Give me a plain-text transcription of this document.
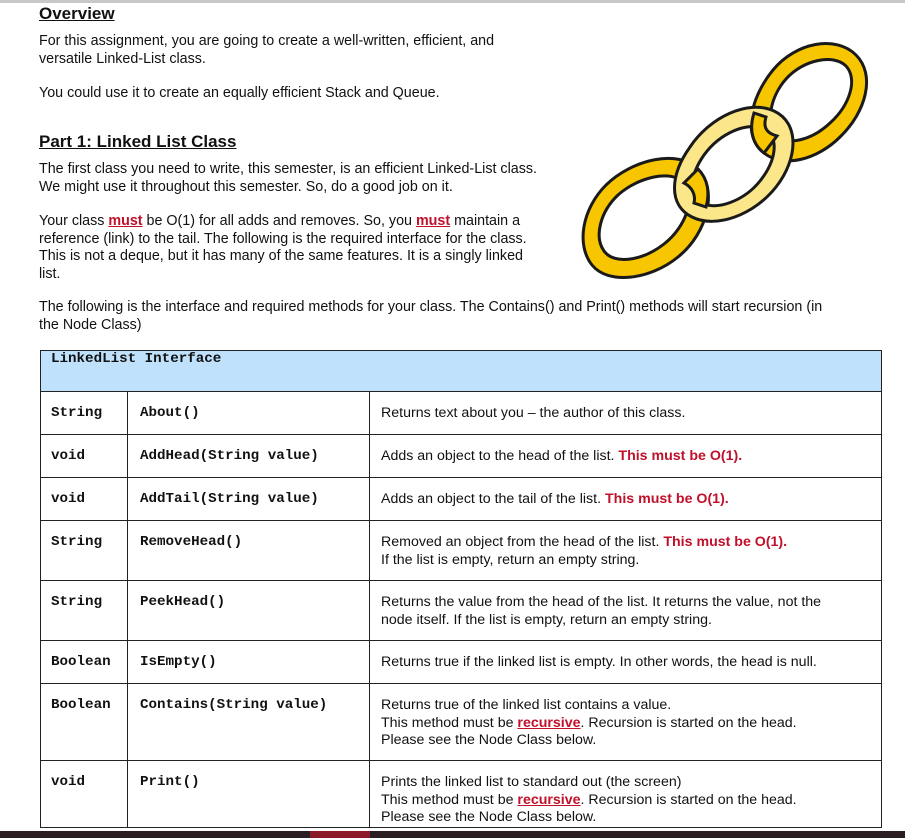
Overview
For this assignment, you are going to create a well-written, efficient, and
versatile Linked-List class.
You could use it to create an equally efficient Stack and Queue.
Part 1: Linked List Class
The first class you need to write, this semester, is an efficient Linked-List class.
We might use it throughout this semester. So, do a good job on it.
Your class must be O(1) for all adds and removes. So, you must maintain a
reference (link) to the tail. The following is the required interface for the class.
This is not a deque, but it has many of the same features. It is a singly linked
list.
The following is the interface and required methods for your class. The Contains() and Print() methods will start recursion (in
the Node Class)
LinkedList Interface		
String	About()	Returns text about you – the author of this class.
void	AddHead(String value)	Adds an object to the head of the list. This must be O(1).
void	AddTail(String value)	Adds an object to the tail of the list. This must be O(1).
String	RemoveHead()	Removed an object from the head of the list. This must be O(1).
If the list is empty, return an empty string.
String	PeekHead()	Returns the value from the head of the list. It returns the value, not the
node itself. If the list is empty, return an empty string.
Boolean	IsEmpty()	Returns true if the linked list is empty. In other words, the head is null.
Boolean	Contains(String value)	Returns true of the linked list contains a value.
This method must be recursive. Recursion is started on the head.
Please see the Node Class below.
void	Print()	Prints the linked list to standard out (the screen)
This method must be recursive. Recursion is started on the head.
Please see the Node Class below.
